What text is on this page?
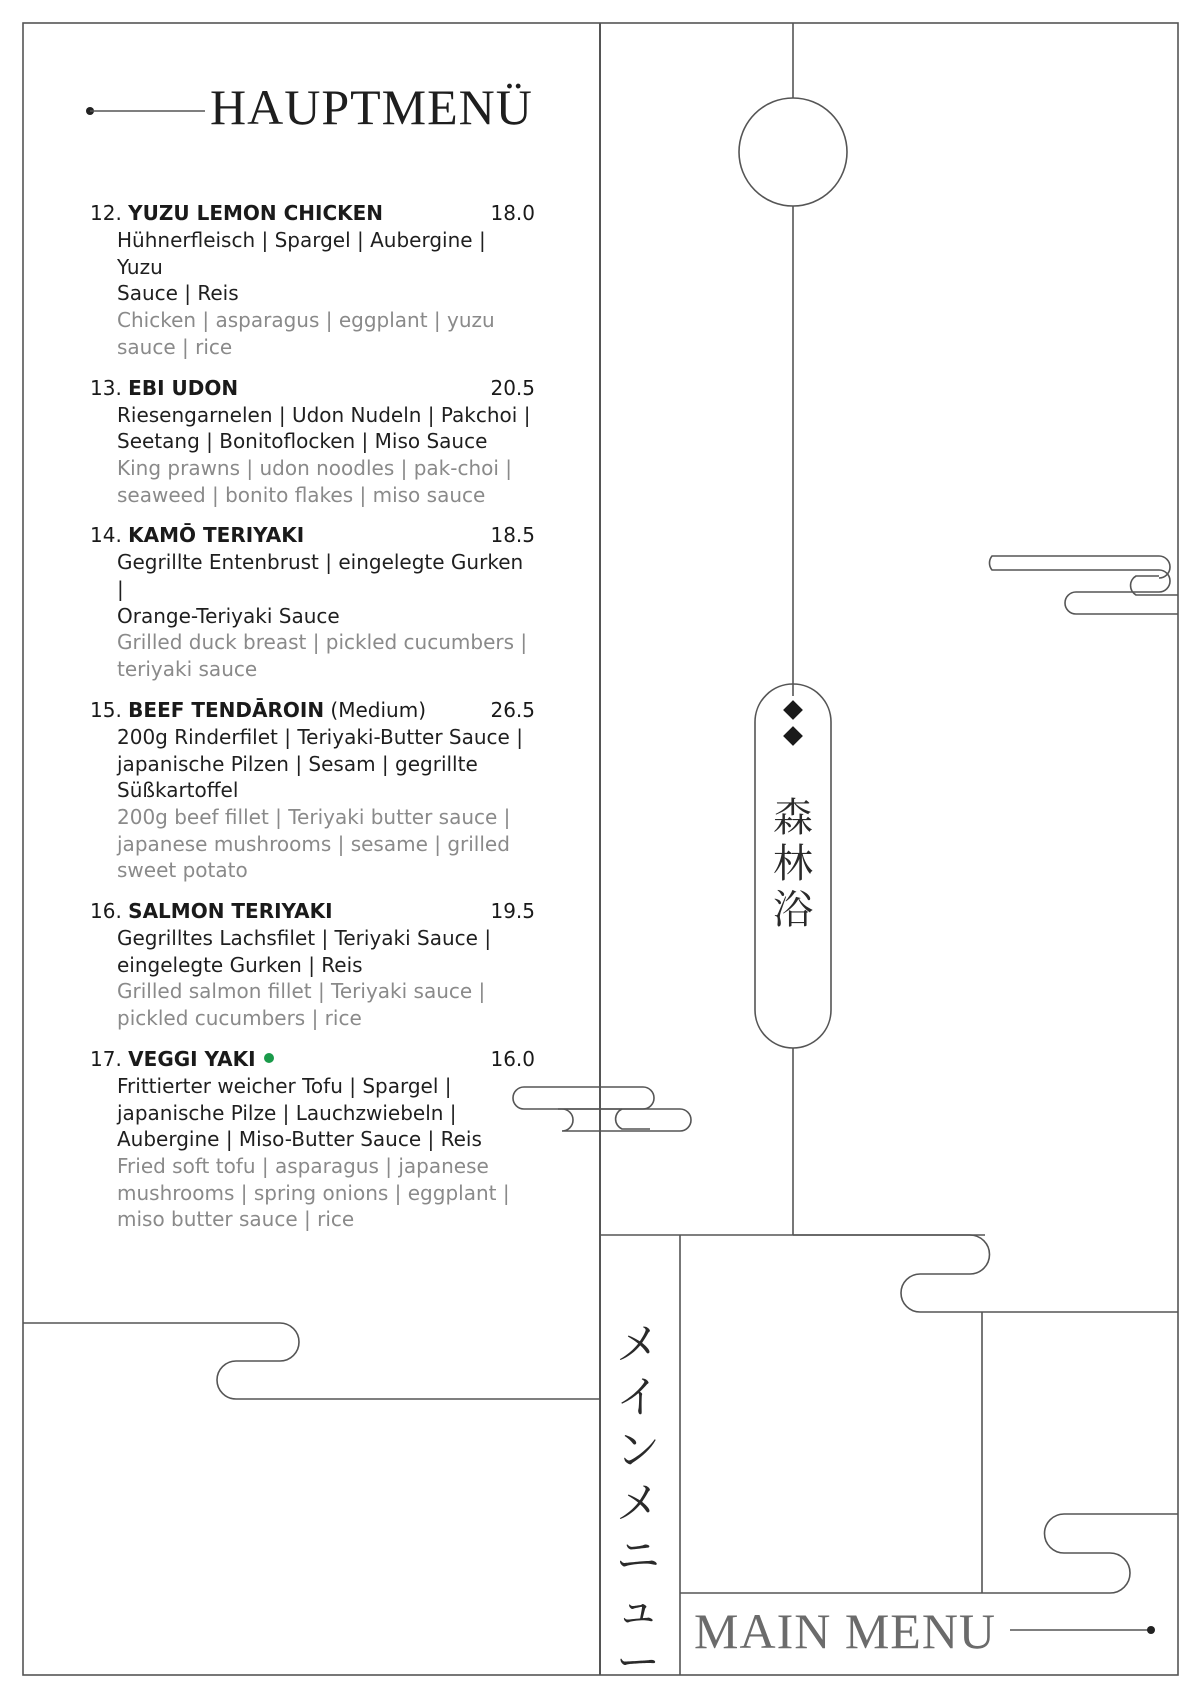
HAUPTMENÜ
12. YUZU LEMON CHICKEN	18.0
Hühnerfleisch | Spargel | Aubergine | Yuzu
Sauce | Reis
Chicken | asparagus | eggplant | yuzu
sauce | rice
13. EBI UDON	20.5
Riesengarnelen | Udon Nudeln | Pakchoi |
Seetang | Bonitoflocken | Miso Sauce
King prawns | udon noodles | pak-choi |
seaweed | bonito flakes | miso sauce
14. KAMŌ TERIYAKI	18.5
Gegrillte Entenbrust | eingelegte Gurken |
Orange-Teriyaki Sauce
Grilled duck breast | pickled cucumbers |
teriyaki sauce
15. BEEF TENDĀROIN (Medium)	26.5
200g Rinderfilet | Teriyaki-Butter Sauce |
japanische Pilzen | Sesam | gegrillte
Süßkartoffel
200g beef fillet | Teriyaki butter sauce |
japanese mushrooms | sesame | grilled
sweet potato
16. SALMON TERIYAKI	19.5
Gegrilltes Lachsfilet | Teriyaki Sauce |
eingelegte Gurken | Reis
Grilled salmon fillet | Teriyaki sauce |
pickled cucumbers | rice
17. VEGGI YAKI	16.0
Frittierter weicher Tofu | Spargel |
japanische Pilze | Lauchzwiebeln |
Aubergine | Miso-Butter Sauce | Reis
Fried soft tofu | asparagus | japanese
mushrooms | spring onions | eggplant |
miso butter sauce | rice
森
林
浴
メ
イ
ン
メ
ニ
ュ
ー
MAIN MENU
